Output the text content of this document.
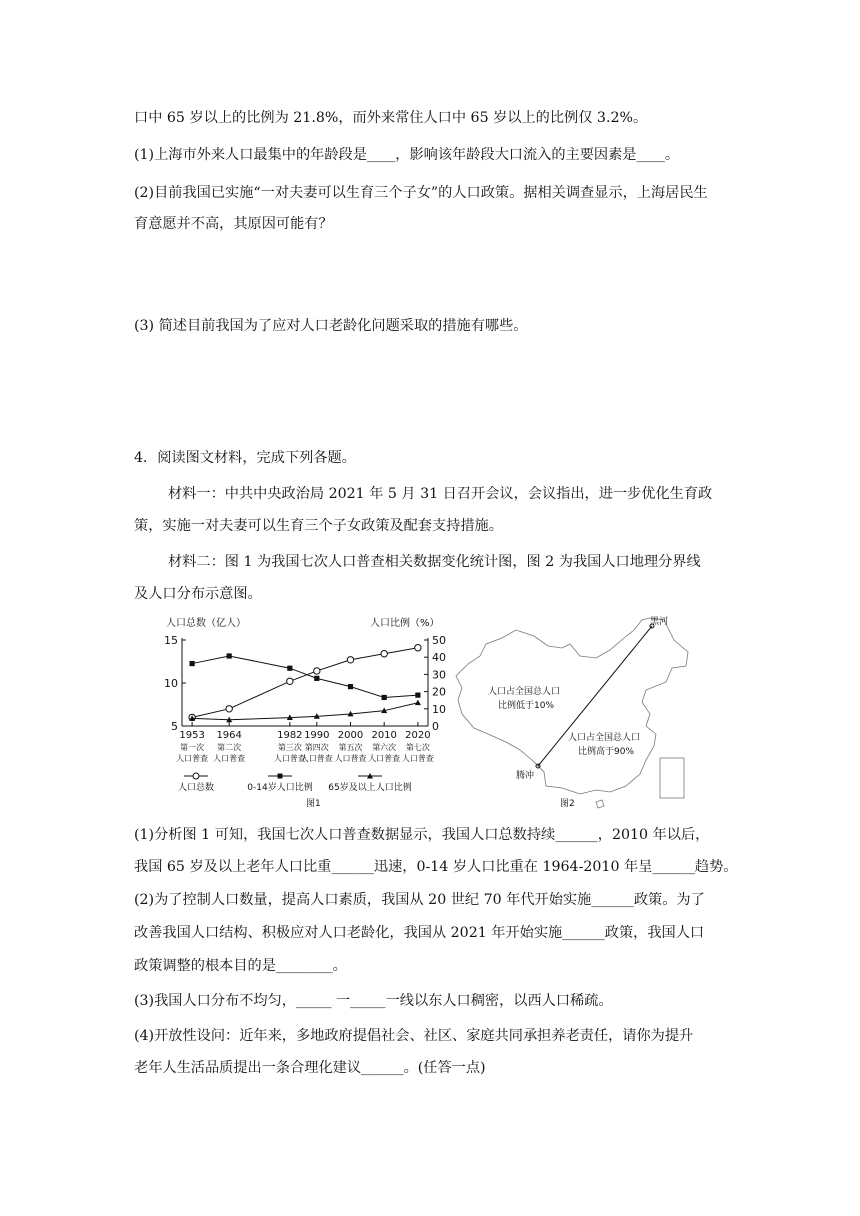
口中 65 岁以上的比例为 21.8%，而外来常住人口中 65 岁以上的比例仅 3.2%。
(1)上海市外来人口最集中的年龄段是____，影响该年龄段大口流入的主要因素是____。
(2)目前我国已实施“一对夫妻可以生育三个子女”的人口政策。据相关调查显示，上海居民生
育意愿并不高，其原因可能有？
(3) 简述目前我国为了应对人口老龄化问题采取的措施有哪些。
4．阅读图文材料，完成下列各题。
材料一：中共中央政治局 2021 年 5 月 31 日召开会议，会议指出，进一步优化生育政
策，实施一对夫妻可以生育三个子女政策及配套支持措施。
材料二：图 1 为我国七次人口普查相关数据变化统计图，图 2 为我国人口地理分界线
及人口分布示意图。
人口总数（亿人）	人口比例（%）
15
10
5
50
40
30
20
10
0
1953
第一次
人口普查
1964
第二次
人口普查
1982
第三次
人口普查
1990
第四次
人口普查
2000
第五次
人口普查
2010
第六次
人口普查
2020
第七次
人口普查
人口总数	0-14岁人口比例 65岁及以上人口比例
图1
黑河
腾冲
人口占全国总人口
比例低于10%
人口占全国总人口
比例高于90%
图2
(1)分析图 1 可知，我国七次人口普查数据显示，我国人口总数持续______，2010 年以后，
我国 65 岁及以上老年人口比重______迅速，0-14 岁人口比重在 1964-2010 年呈______趋势。
(2)为了控制人口数量，提高人口素质，我国从 20 世纪 70 年代开始实施______政策。为了
改善我国人口结构、积极应对人口老龄化，我国从 2021 年开始实施______政策，我国人口
政策调整的根本目的是________。
(3)我国人口分布不均匀，_____ 一_____一线以东人口稠密，以西人口稀疏。
(4)开放性设问：近年来，多地政府提倡社会、社区、家庭共同承担养老责任，请你为提升
老年人生活品质提出一条合理化建议______。(任答一点)
